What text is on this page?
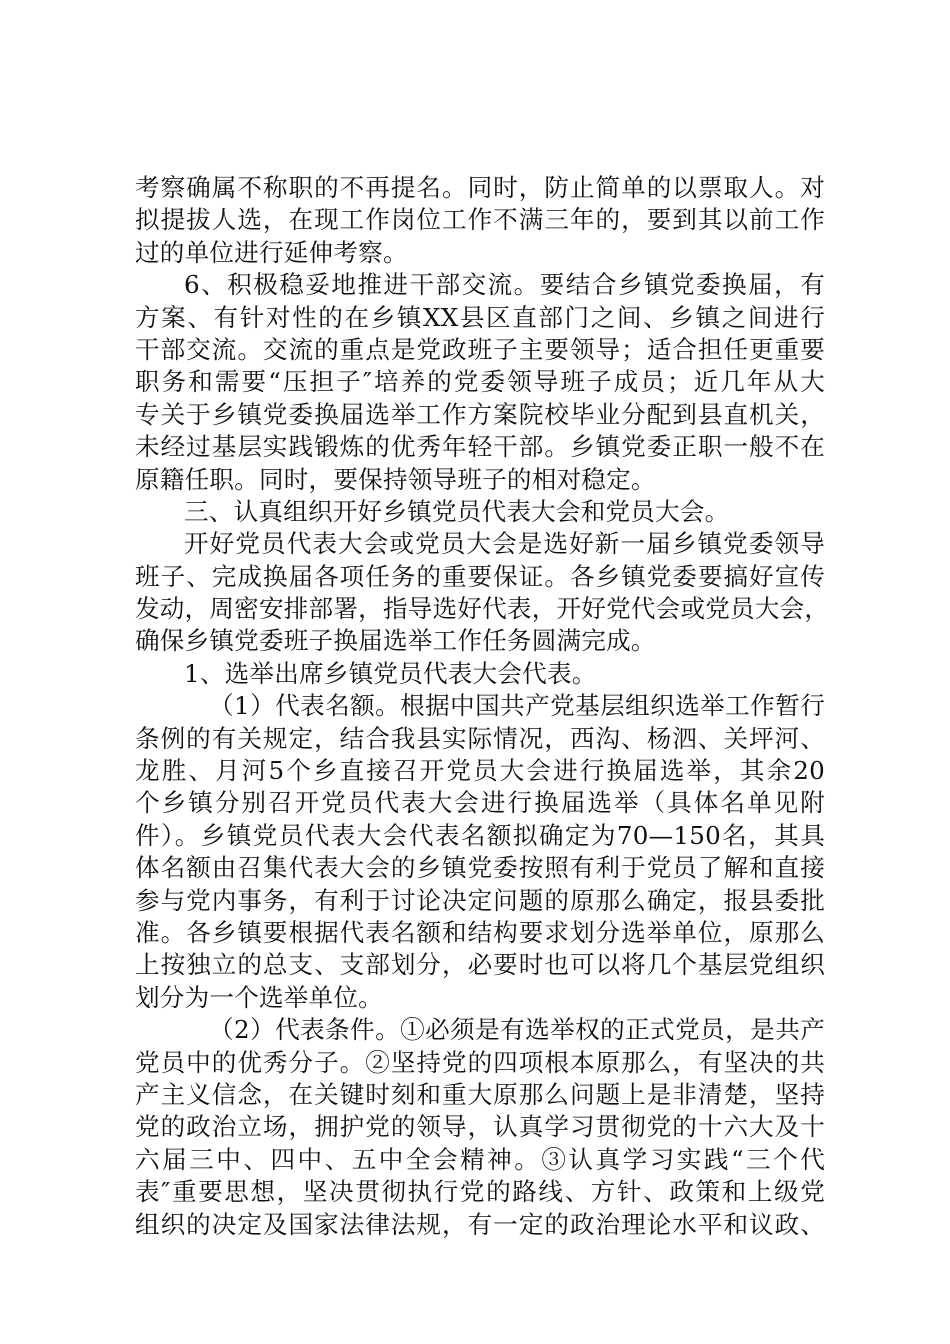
考察确属不称职的不再提名。同时，防止简单的以票取人。对
拟提拔人选，在现工作岗位工作不满三年的，要到其以前工作
过的单位进行延伸考察。
6、积极稳妥地推进干部交流。要结合乡镇党委换届，有
方案、有针对性的在乡镇XX县区直部门之间、乡镇之间进行
干部交流。交流的重点是党政班子主要领导；适合担任更重要
职务和需要“压担子″培养的党委领导班子成员；近几年从大
专关于乡镇党委换届选举工作方案院校毕业分配到县直机关，
未经过基层实践锻炼的优秀年轻干部。乡镇党委正职一般不在
原籍任职。同时，要保持领导班子的相对稳定。
三、认真组织开好乡镇党员代表大会和党员大会。
开好党员代表大会或党员大会是选好新一届乡镇党委领导
班子、完成换届各项任务的重要保证。各乡镇党委要搞好宣传
发动，周密安排部署，指导选好代表，开好党代会或党员大会，
确保乡镇党委班子换届选举工作任务圆满完成。
1、选举出席乡镇党员代表大会代表。
（1）代表名额。根据中国共产党基层组织选举工作暂行
条例的有关规定，结合我县实际情况，西沟、杨泗、关坪河、
龙胜、月河5个乡直接召开党员大会进行换届选举，其余20
个乡镇分别召开党员代表大会进行换届选举（具体名单见附
件）。乡镇党员代表大会代表名额拟确定为70—150名，其具
体名额由召集代表大会的乡镇党委按照有利于党员了解和直接
参与党内事务，有利于讨论决定问题的原那么确定，报县委批
准。各乡镇要根据代表名额和结构要求划分选举单位，原那么
上按独立的总支、支部划分，必要时也可以将几个基层党组织
划分为一个选举单位。
（2）代表条件。①必须是有选举权的正式党员，是共产
党员中的优秀分子。②坚持党的四项根本原那么，有坚决的共
产主义信念，在关键时刻和重大原那么问题上是非清楚，坚持
党的政治立场，拥护党的领导，认真学习贯彻党的十六大及十
六届三中、四中、五中全会精神。③认真学习实践“三个代
表″重要思想，坚决贯彻执行党的路线、方针、政策和上级党
组织的决定及国家法律法规，有一定的政治理论水平和议政、
